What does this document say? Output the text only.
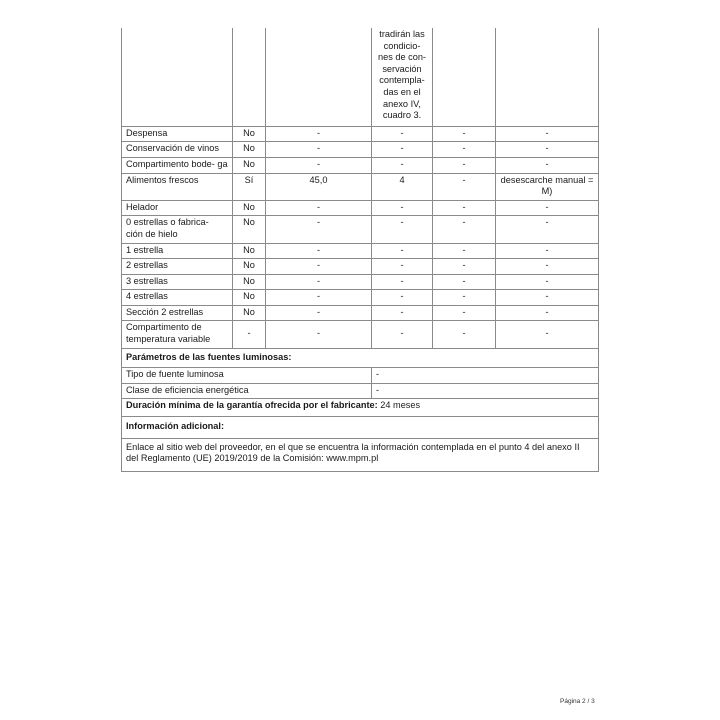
			tradirán las condicio- nes de con- servación contempla- das en el anexo IV, cuadro 3.		
Despensa	No	-	-	-	-
Conservación de vinos	No	-	-	-	-
Compartimento bode- ga	No	-	-	-	-
Alimentos frescos	Sí	45,0	4	-	desescarche manual = M)
Helador	No	-	-	-	-
0 estrellas o fabrica- ción de hielo	No	-	-	-	-
1 estrella	No	-	-	-	-
2 estrellas	No	-	-	-	-
3 estrellas	No	-	-	-	-
4 estrellas	No	-	-	-	-
Sección 2 estrellas	No	-	-	-	-
Compartimento de temperatura variable	-	-	-	-	-
Parámetros de las fuentes luminosas:					
Tipo de fuente luminosa			-		
Clase de eficiencia energética			-		
Duración mínima de la garantía ofrecida por el fabricante: 24 meses					
Información adicional:					
Enlace al sitio web del proveedor, en el que se encuentra la información contemplada en el punto 4 del anexo II del Reglamento (UE) 2019/2019 de la Comisión: www.mpm.pl					
Página 2 / 3
